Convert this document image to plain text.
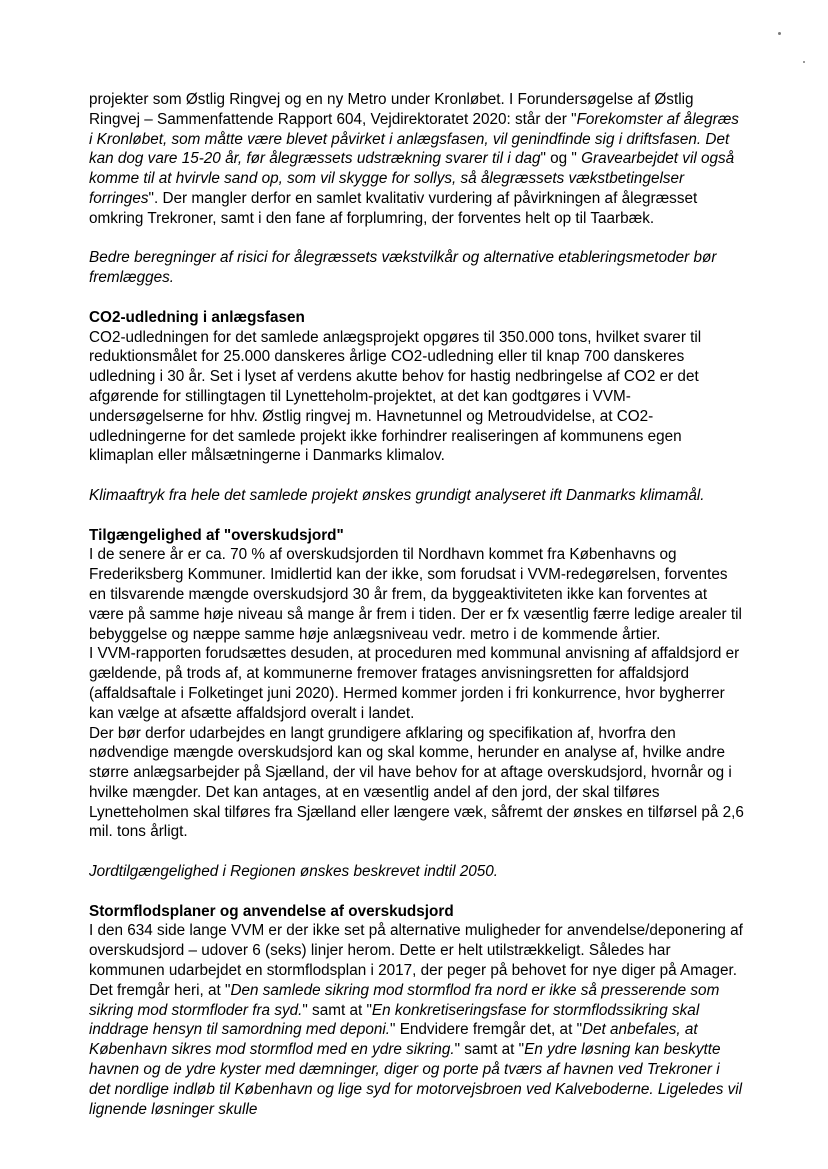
projekter som Østlig Ringvej og en ny Metro under Kronløbet. I Forundersøgelse af Østlig Ringvej – Sammenfattende Rapport 604, Vejdirektoratet 2020: står der "Forekomster af ålegræs i Kronløbet, som måtte være blevet påvirket i anlægsfasen, vil genindfinde sig i driftsfasen. Det kan dog vare 15-20 år, før ålegræssets udstrækning svarer til i dag" og " Gravearbejdet vil også komme til at hvirvle sand op, som vil skygge for sollys, så ålegræssets vækstbetingelser forringes". Der mangler derfor en samlet kvalitativ vurdering af påvirkningen af ålegræsset omkring Trekroner, samt i den fane af forplumring, der forventes helt op til Taarbæk.

Bedre beregninger af risici for ålegræssets vækstvilkår og alternative etableringsmetoder bør fremlægges.

CO2-udledning i anlægsfasen

CO2-udledningen for det samlede anlægsprojekt opgøres til 350.000 tons, hvilket svarer til reduktionsmålet for 25.000 danskeres årlige CO2-udledning eller til knap 700 danskeres udledning i 30 år. Set i lyset af verdens akutte behov for hastig nedbringelse af CO2 er det afgørende for stillingtagen til Lynetteholm-projektet, at det kan godtgøres i VVM-undersøgelserne for hhv. Østlig ringvej m. Havnetunnel og Metroudvidelse, at CO2-udledningerne for det samlede projekt ikke forhindrer realiseringen af kommunens egen klimaplan eller målsætningerne i Danmarks klimalov.

Klimaaftryk fra hele det samlede projekt ønskes grundigt analyseret ift Danmarks klimamål.

Tilgængelighed af "overskudsjord"

I de senere år er ca. 70 % af overskudsjorden til Nordhavn kommet fra Københavns og Frederiksberg Kommuner. Imidlertid kan der ikke, som forudsat i VVM-redegørelsen, forventes en tilsvarende mængde overskudsjord 30 år frem, da byggeaktiviteten ikke kan forventes at være på samme høje niveau så mange år frem i tiden. Der er fx væsentlig færre ledige arealer til bebyggelse og næppe samme høje anlægsniveau vedr. metro i de kommende årtier.

I VVM-rapporten forudsættes desuden, at proceduren med kommunal anvisning af affaldsjord er gældende, på trods af, at kommunerne fremover fratages anvisningsretten for affaldsjord (affaldsaftale i Folketinget juni 2020). Hermed kommer jorden i fri konkurrence, hvor bygherrer kan vælge at afsætte affaldsjord overalt i landet.

Der bør derfor udarbejdes en langt grundigere afklaring og specifikation af, hvorfra den nødvendige mængde overskudsjord kan og skal komme, herunder en analyse af, hvilke andre større anlægsarbejder på Sjælland, der vil have behov for at aftage overskudsjord, hvornår og i hvilke mængder. Det kan antages, at en væsentlig andel af den jord, der skal tilføres Lynetteholmen skal tilføres fra Sjælland eller længere væk, såfremt der ønskes en tilførsel på 2,6 mil. tons årligt.

Jordtilgængelighed i Regionen ønskes beskrevet indtil 2050.

Stormflodsplaner og anvendelse af overskudsjord

I den 634 side lange VVM er der ikke set på alternative muligheder for anvendelse/deponering af overskudsjord – udover 6 (seks) linjer herom. Dette er helt utilstrækkeligt. Således har kommunen udarbejdet en stormflodsplan i 2017, der peger på behovet for nye diger på Amager. Det fremgår heri, at "Den samlede sikring mod stormflod fra nord er ikke så presserende som sikring mod stormfloder fra syd." samt at "En konkretiseringsfase for stormflodssikring skal inddrage hensyn til samordning med deponi." Endvidere fremgår det, at "Det anbefales, at København sikres mod stormflod med en ydre sikring." samt at "En ydre løsning kan beskytte havnen og de ydre kyster med dæmninger, diger og porte på tværs af havnen ved Trekroner i det nordlige indløb til København og lige syd for motorvejsbroen ved Kalveboderne. Ligeledes vil lignende løsninger skulle
